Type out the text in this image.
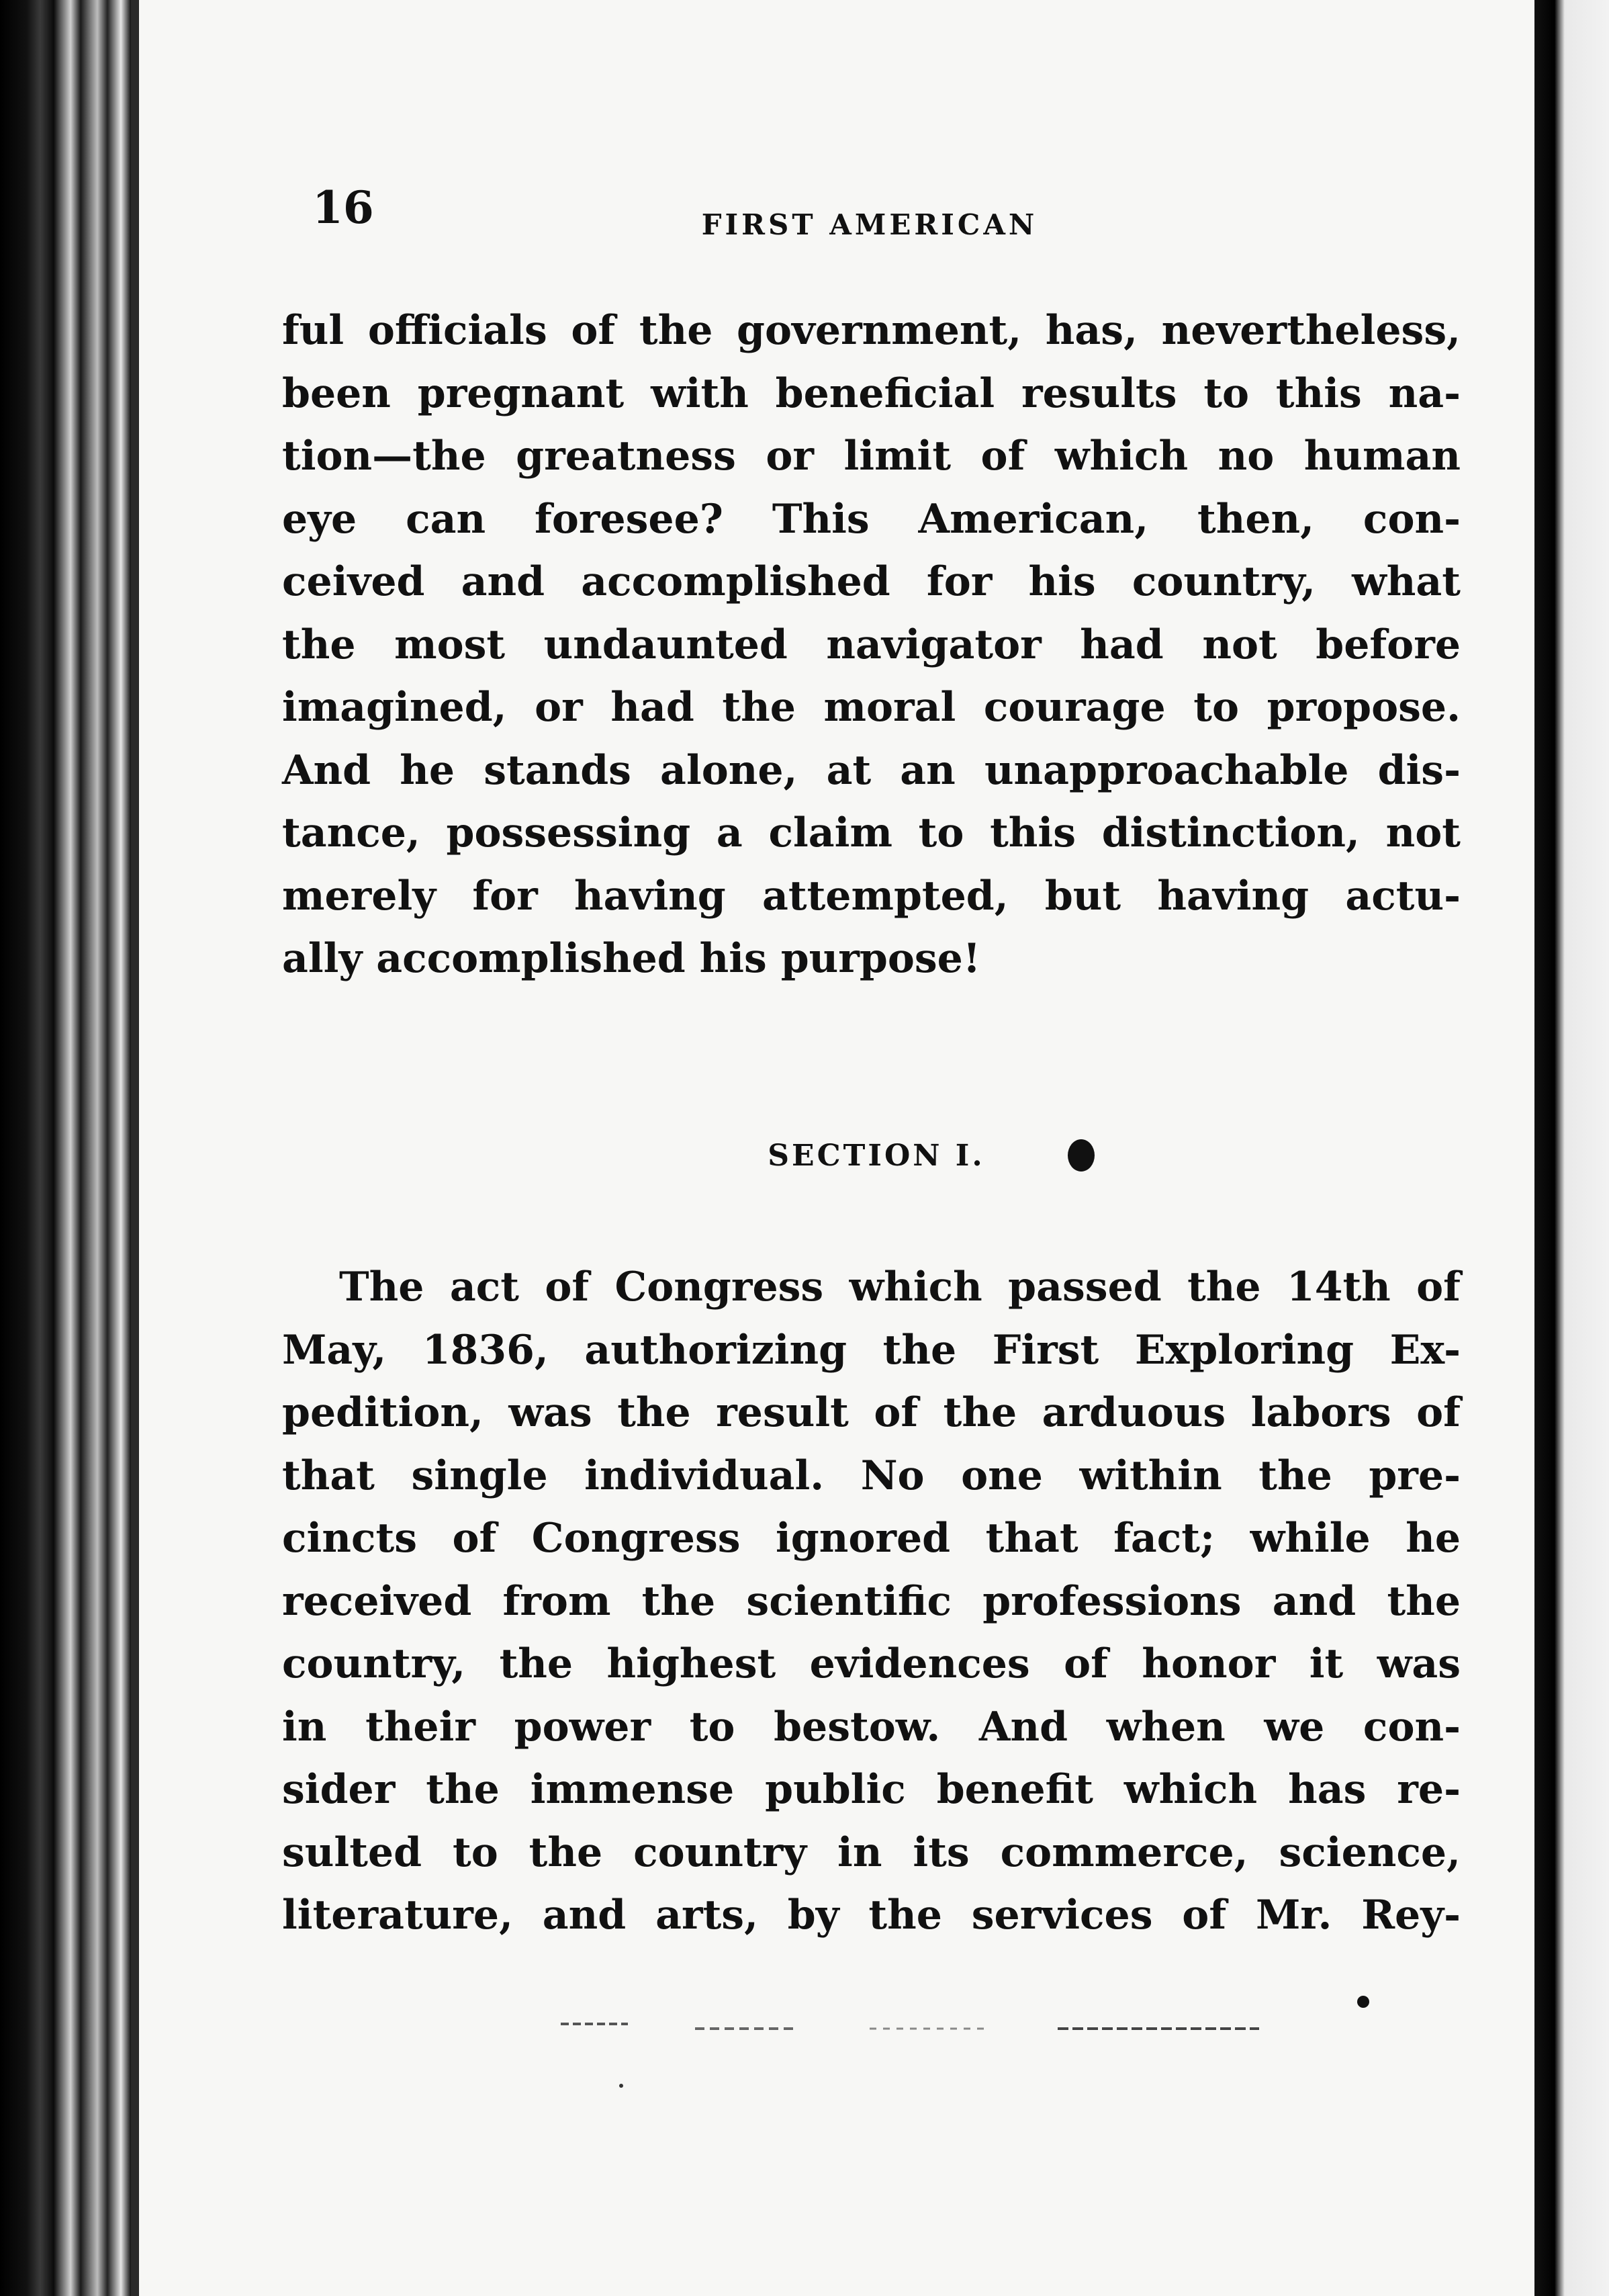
16	FIRST AMERICAN
ful officials of the government, has, nevertheless,
been pregnant with beneficial results to this na-
tion—the greatness or limit of which no human
eye can foresee? This American, then, con-
ceived and accomplished for his country, what
the most undaunted navigator had not before
imagined, or had the moral courage to propose.
And he stands alone, at an unapproachable dis-
tance, possessing a claim to this distinction, not
merely for having attempted, but having actu-
ally accomplished his purpose!
SECTION I.
The act of Congress which passed the 14th of
May, 1836, authorizing the First Exploring Ex-
pedition, was the result of the arduous labors of
that single individual. No one within the pre-
cincts of Congress ignored that fact; while he
received from the scientific professions and the
country, the highest evidences of honor it was
in their power to bestow. And when we con-
sider the immense public benefit which has re-
sulted to the country in its commerce, science,
literature, and arts, by the services of Mr. Rey-
